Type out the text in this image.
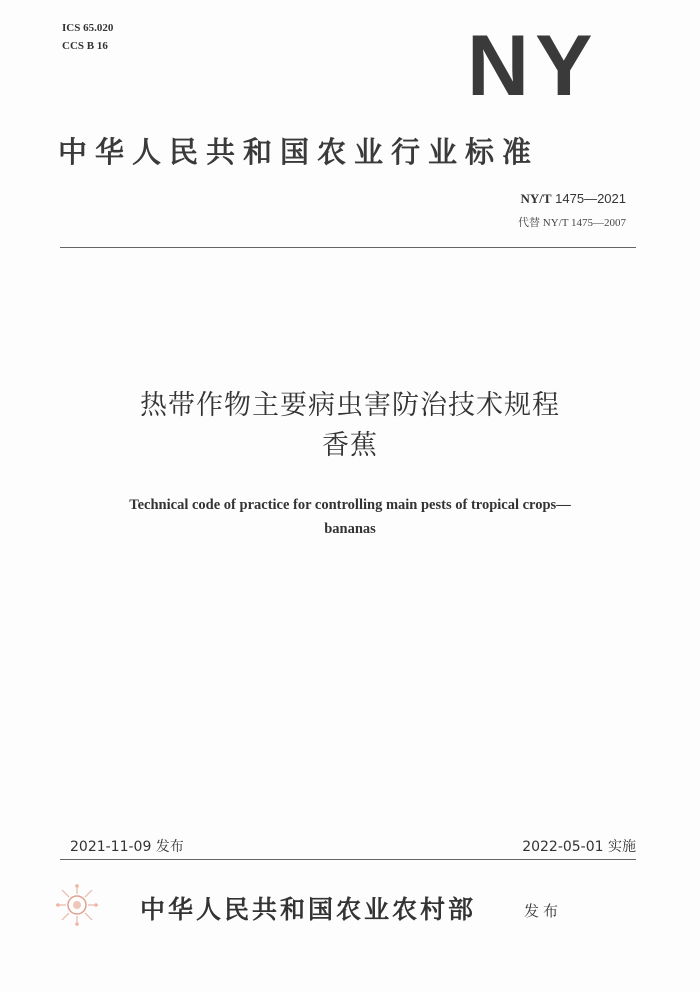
ICS 65.020
CCS B 16	NY
中华人民共和国农业行业标准
NY/T 1475—2021
代替 NY/T 1475—2007
热带作物主要病虫害防治技术规程
香蕉
Technical code of practice for controlling main pests of tropical crops—
bananas
2021-11-09 发布	2022-05-01 实施
中华人民共和国农业农村部	发布
